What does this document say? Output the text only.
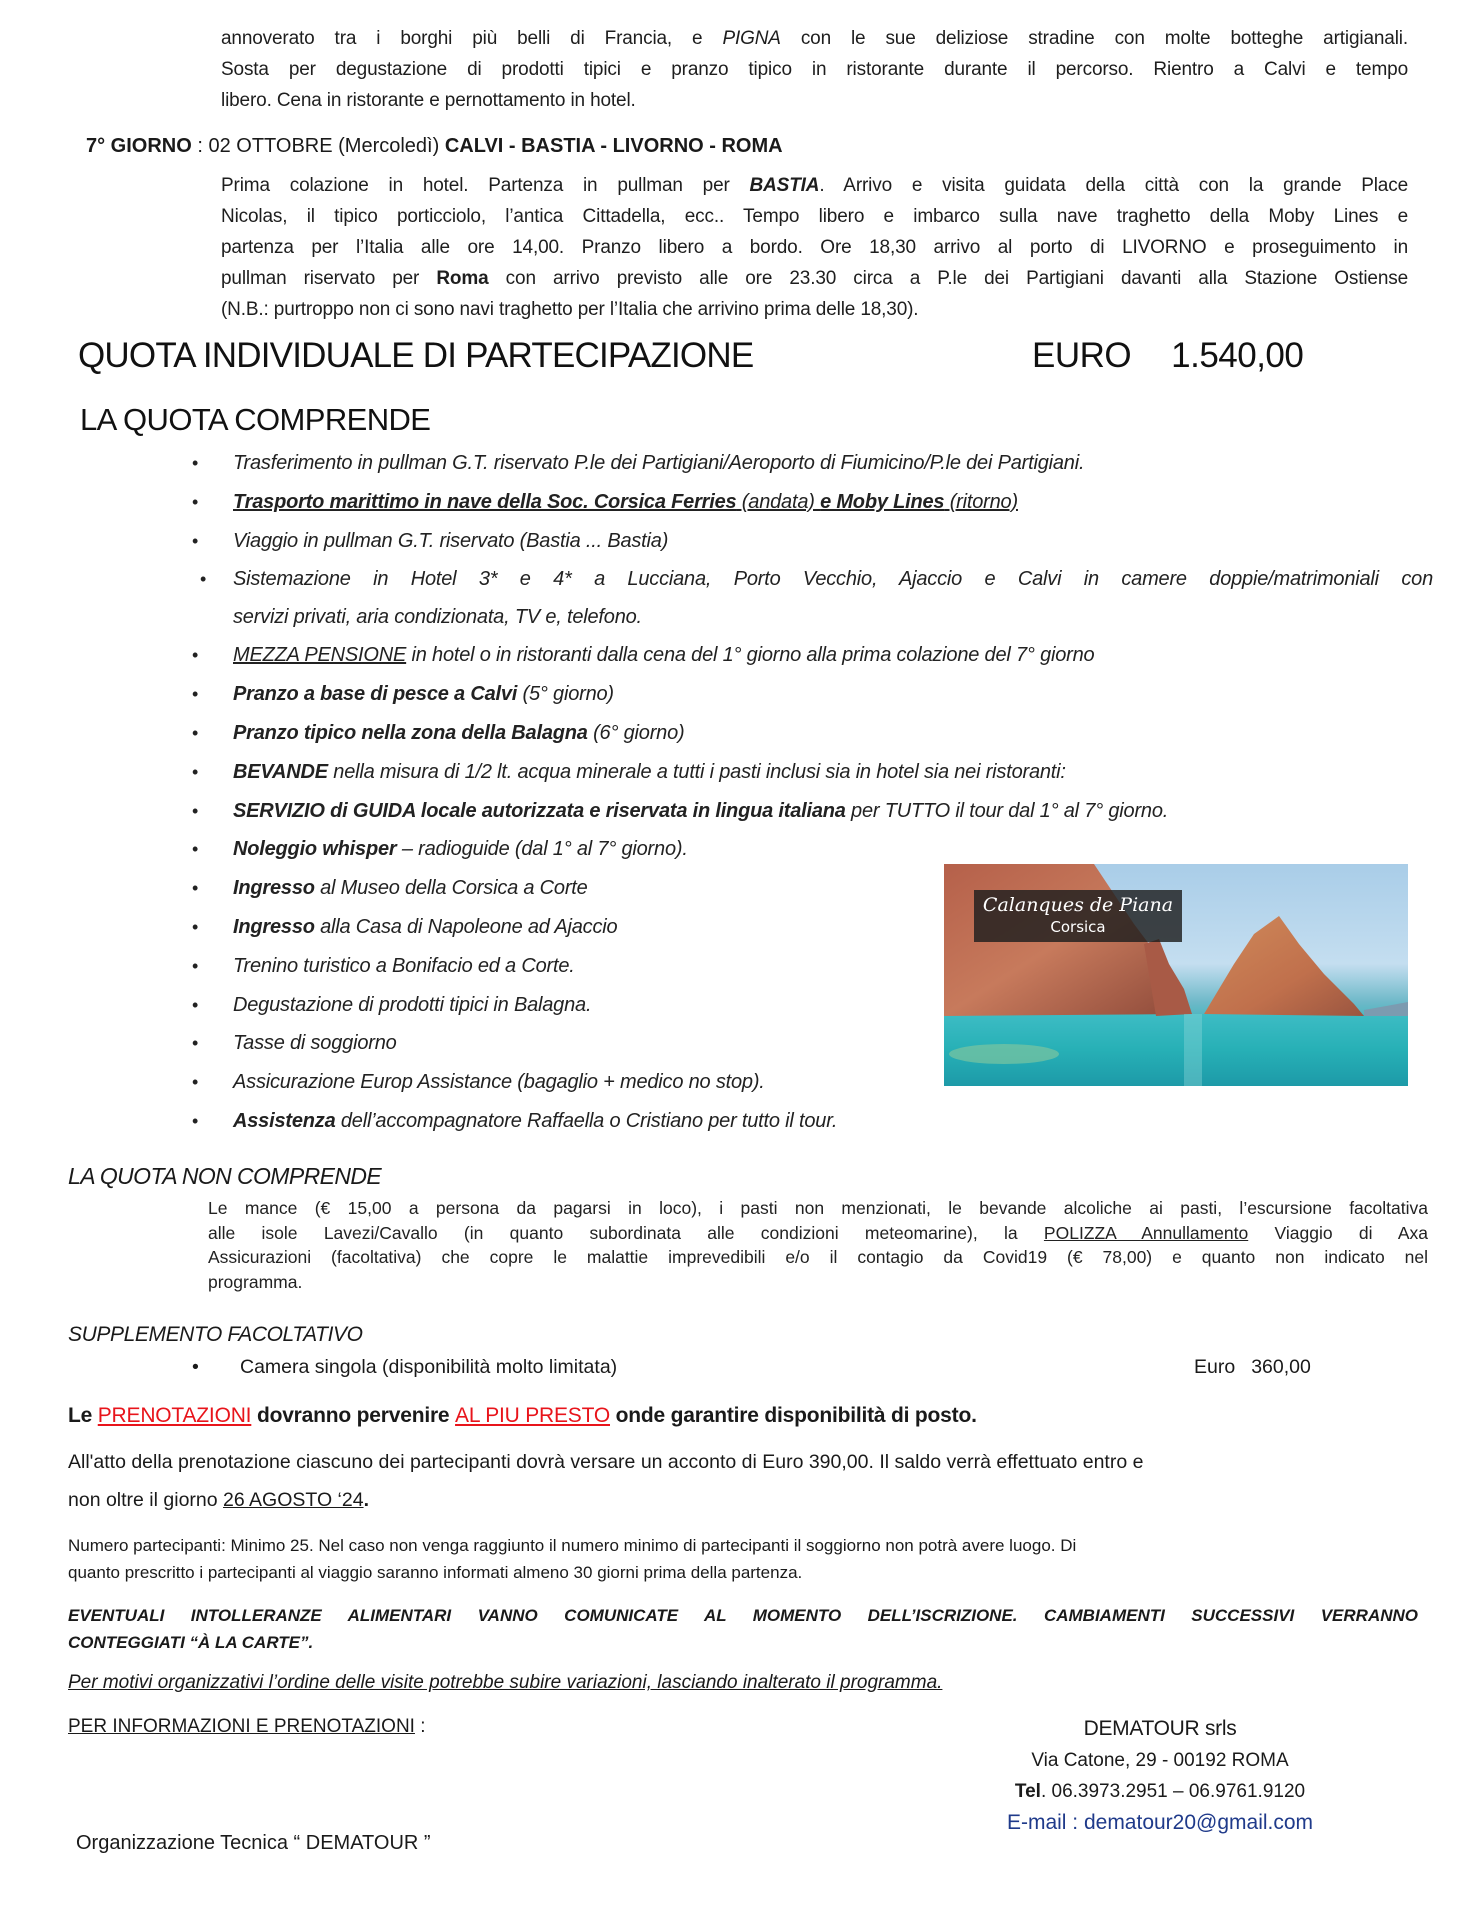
annoverato tra i borghi più belli di Francia, e PIGNA con le sue deliziose stradine con molte botteghe artigianali.
Sosta per degustazione di prodotti tipici e pranzo tipico in ristorante durante il percorso. Rientro a Calvi e tempo
libero. Cena in ristorante e pernottamento in hotel.
7° GIORNO : 02 OTTOBRE (Mercoledì) CALVI - BASTIA - LIVORNO - ROMA
Prima colazione in hotel. Partenza in pullman per BASTIA. Arrivo e visita guidata della città con la grande Place
Nicolas, il tipico porticciolo, l’antica Cittadella, ecc.. Tempo libero e imbarco sulla nave traghetto della Moby Lines e
partenza per l’Italia alle ore 14,00. Pranzo libero a bordo. Ore 18,30 arrivo al porto di LIVORNO e proseguimento in
pullman riservato per Roma con arrivo previsto alle ore 23.30 circa a P.le dei Partigiani davanti alla Stazione Ostiense
(N.B.: purtroppo non ci sono navi traghetto per l’Italia che arrivino prima delle 18,30).
QUOTA INDIVIDUALE DI PARTECIPAZIONE	EURO 1.540,00
LA QUOTA COMPRENDE
• Trasferimento in pullman G.T. riservato P.le dei Partigiani/Aeroporto di Fiumicino/P.le dei Partigiani.
• Trasporto marittimo in nave della Soc. Corsica Ferries (andata) e Moby Lines (ritorno)
• Viaggio in pullman G.T. riservato (Bastia ... Bastia)
• Sistemazione in Hotel 3* e 4* a Lucciana, Porto Vecchio, Ajaccio e Calvi in camere doppie/matrimoniali con
servizi privati, aria condizionata, TV e, telefono.
• MEZZA PENSIONE in hotel o in ristoranti dalla cena del 1° giorno alla prima colazione del 7° giorno
• Pranzo a base di pesce a Calvi (5° giorno)
• Pranzo tipico nella zona della Balagna (6° giorno)
• BEVANDE nella misura di 1/2 lt. acqua minerale a tutti i pasti inclusi sia in hotel sia nei ristoranti:
• SERVIZIO di GUIDA locale autorizzata e riservata in lingua italiana per TUTTO il tour dal 1° al 7° giorno.
• Noleggio whisper – radioguide (dal 1° al 7° giorno).
• Ingresso al Museo della Corsica a Corte
• Ingresso alla Casa di Napoleone ad Ajaccio
• Trenino turistico a Bonifacio ed a Corte.
• Degustazione di prodotti tipici in Balagna.
• Tasse di soggiorno
• Assicurazione Europ Assistance (bagaglio + medico no stop).
• Assistenza dell’accompagnatore Raffaella o Cristiano per tutto il tour.
Calanques de Piana
Corsica
LA QUOTA NON COMPRENDE
Le mance (€ 15,00 a persona da pagarsi in loco), i pasti non menzionati, le bevande alcoliche ai pasti, l’escursione facoltativa
alle isole Lavezi/Cavallo (in quanto subordinata alle condizioni meteomarine), la POLIZZA Annullamento Viaggio di Axa
Assicurazioni (facoltativa) che copre le malattie imprevedibili e/o il contagio da Covid19 (€ 78,00) e quanto non indicato nel
programma.
SUPPLEMENTO FACOLTATIVO
• Camera singola (disponibilità molto limitata)	Euro 360,00
Le PRENOTAZIONI dovranno pervenire AL PIU PRESTO onde garantire disponibilità di posto.
All'atto della prenotazione ciascuno dei partecipanti dovrà versare un acconto di Euro 390,00. Il saldo verrà effettuato entro e
non oltre il giorno 26 AGOSTO ‘24.
Numero partecipanti: Minimo 25. Nel caso non venga raggiunto il numero minimo di partecipanti il soggiorno non potrà avere luogo. Di
quanto prescritto i partecipanti al viaggio saranno informati almeno 30 giorni prima della partenza.
EVENTUALI INTOLLERANZE ALIMENTARI VANNO COMUNICATE AL MOMENTO DELL’ISCRIZIONE. CAMBIAMENTI SUCCESSIVI VERRANNO
CONTEGGIATI “À LA CARTE”.
Per motivi organizzativi l’ordine delle visite potrebbe subire variazioni, lasciando inalterato il programma.
PER INFORMAZIONI E PRENOTAZIONI :	DEMATOUR srls
Via Catone, 29 - 00192 ROMA
Tel. 06.3973.2951 – 06.9761.9120
E-mail : dematour20@gmail.com
Organizzazione Tecnica “ DEMATOUR ”
